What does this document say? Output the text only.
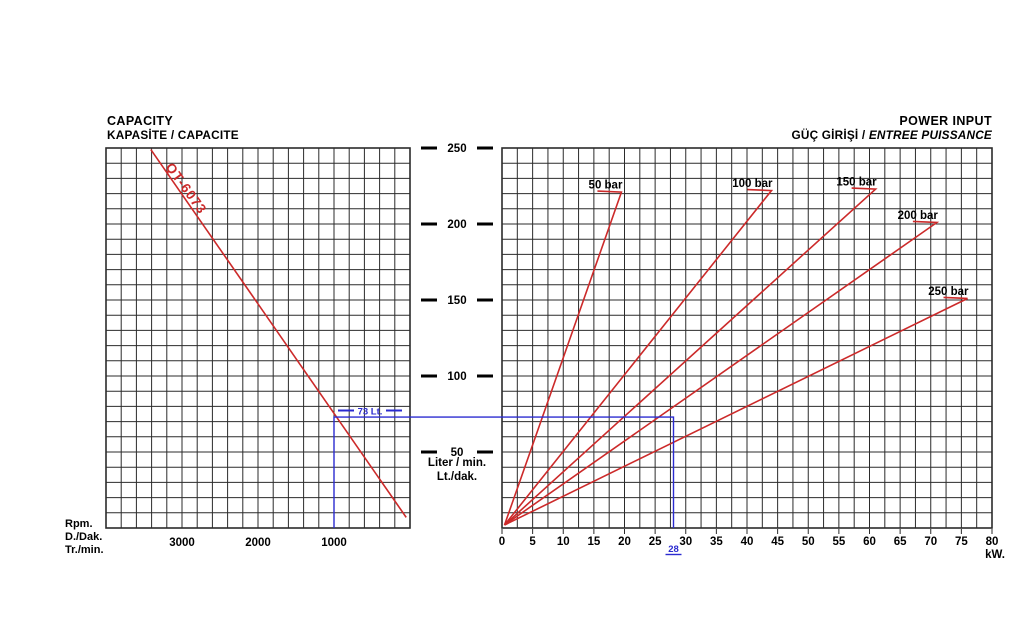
CAPACITY
KAPASİTE / CAPACITE
POWER INPUT
GÜÇ GİRİŞİ / ENTREE PUISSANCE
250
200
150
100
50
Liter / min.
Lt./dak.
3000	2000	1000
Rpm.
D./Dak.
Tr./min.
0 5 10 15 20 25 30 35 40 45 50 55 60 65 70 75 80
kW.
QT-6073	50 bar	100 bar	150 bar
200 bar
250 bar
73 Lt.
28
